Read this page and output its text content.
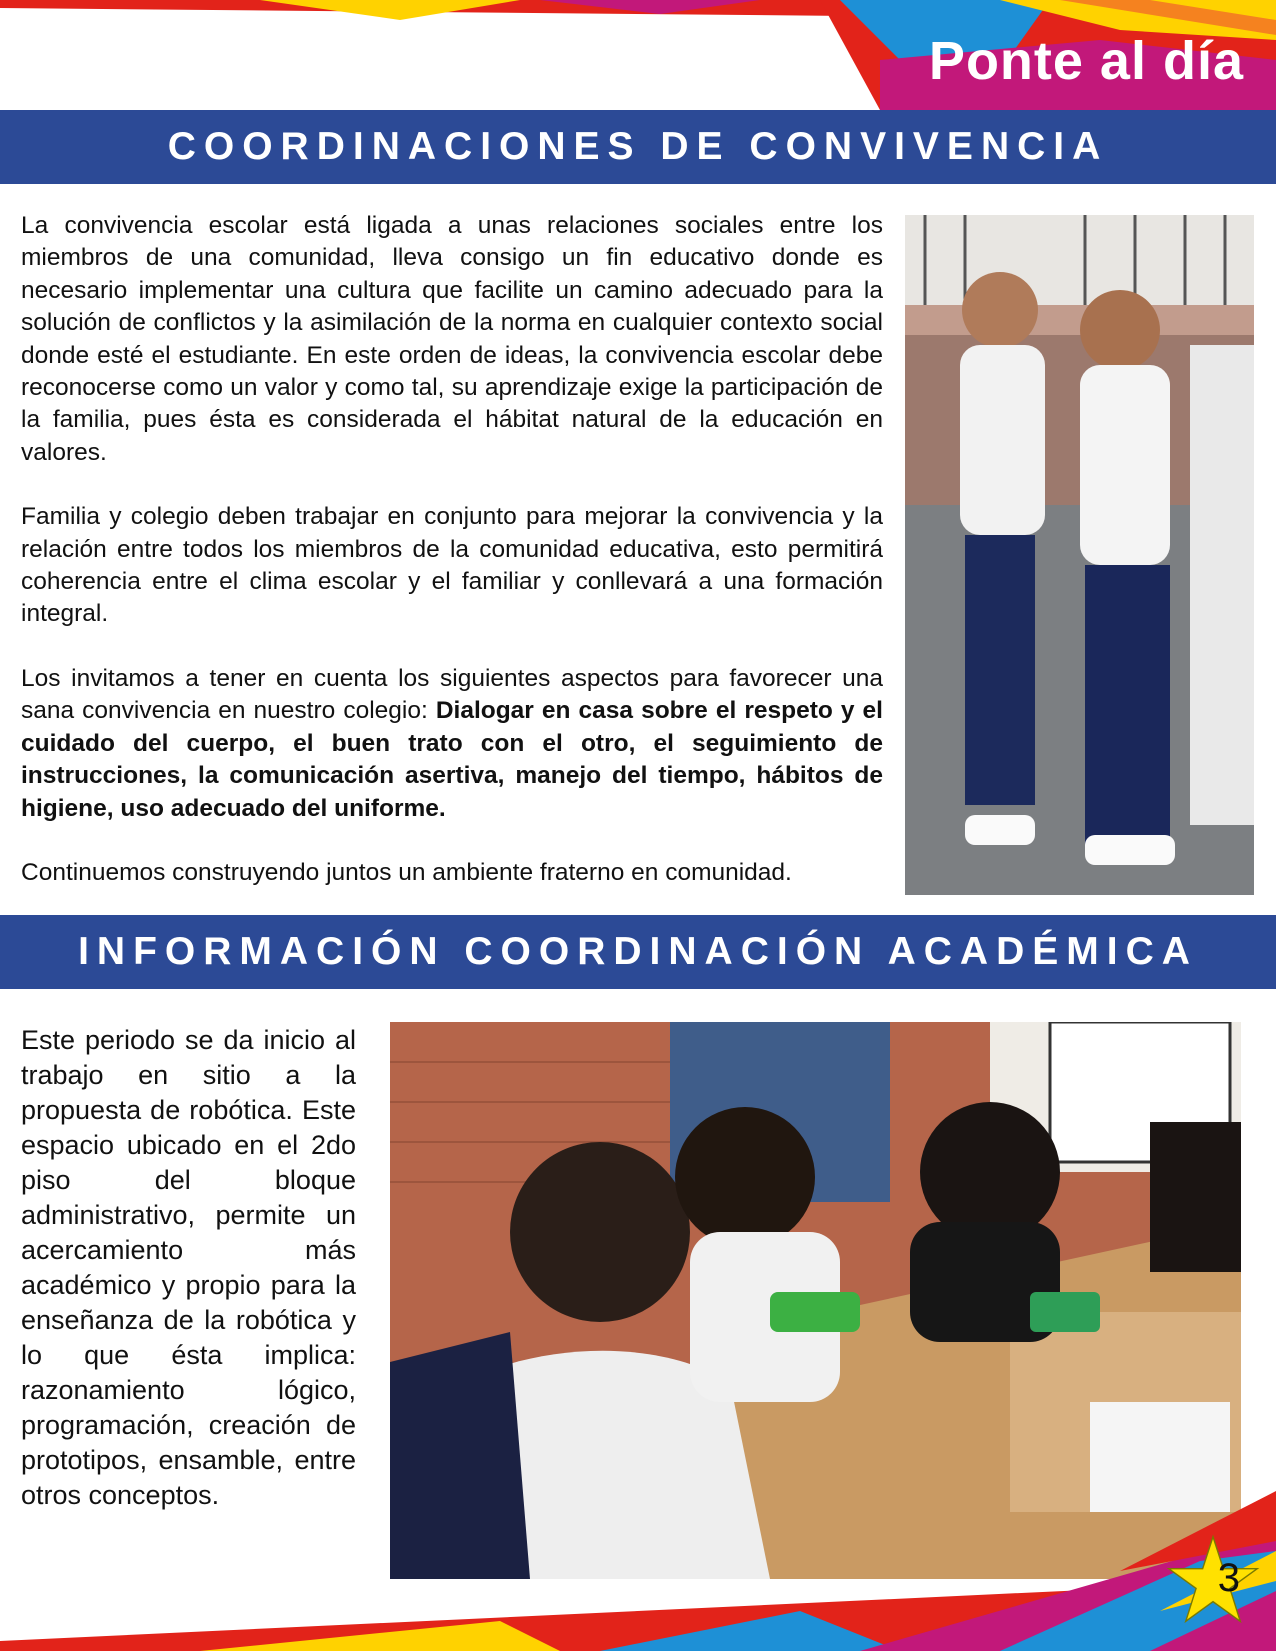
Ponte al día
COORDINACIONES DE CONVIVENCIA

La convivencia escolar está ligada a unas relaciones sociales entre los miembros de una comunidad, lleva consigo un fin educativo donde es necesario implementar una cultura que facilite un camino adecuado para la solución de conflictos y la asimilación de la norma en cualquier contexto social donde esté el estudiante. En este orden de ideas, la convivencia escolar debe reconocerse como un valor y como tal, su aprendizaje exige la participación de la familia, pues ésta es considerada el hábitat natural de la educación en valores.

Familia y colegio deben trabajar en conjunto para mejorar la convivencia y la relación entre todos los miembros de la comunidad educativa, esto permitirá coherencia entre el clima escolar y el familiar y conllevará a una formación integral.

Los invitamos a tener en cuenta los siguientes aspectos para favorecer una sana convivencia en nuestro colegio: Dialogar en casa sobre el respeto y el cuidado del cuerpo, el buen trato con el otro, el seguimiento de instrucciones, la comunicación asertiva, manejo del tiempo, hábitos de higiene, uso adecuado del uniforme.

Continuemos construyendo juntos un ambiente fraterno en comunidad.

INFORMACIÓN COORDINACIÓN ACADÉMICA

Este periodo se da inicio al trabajo en sitio a la propuesta de robótica. Este espacio ubicado en el 2do piso del bloque administrativo, permite un acercamiento más académico y propio para la enseñanza de la robótica y lo que ésta implica: razonamiento lógico, programación, creación de prototipos, ensamble, entre otros conceptos.

3
